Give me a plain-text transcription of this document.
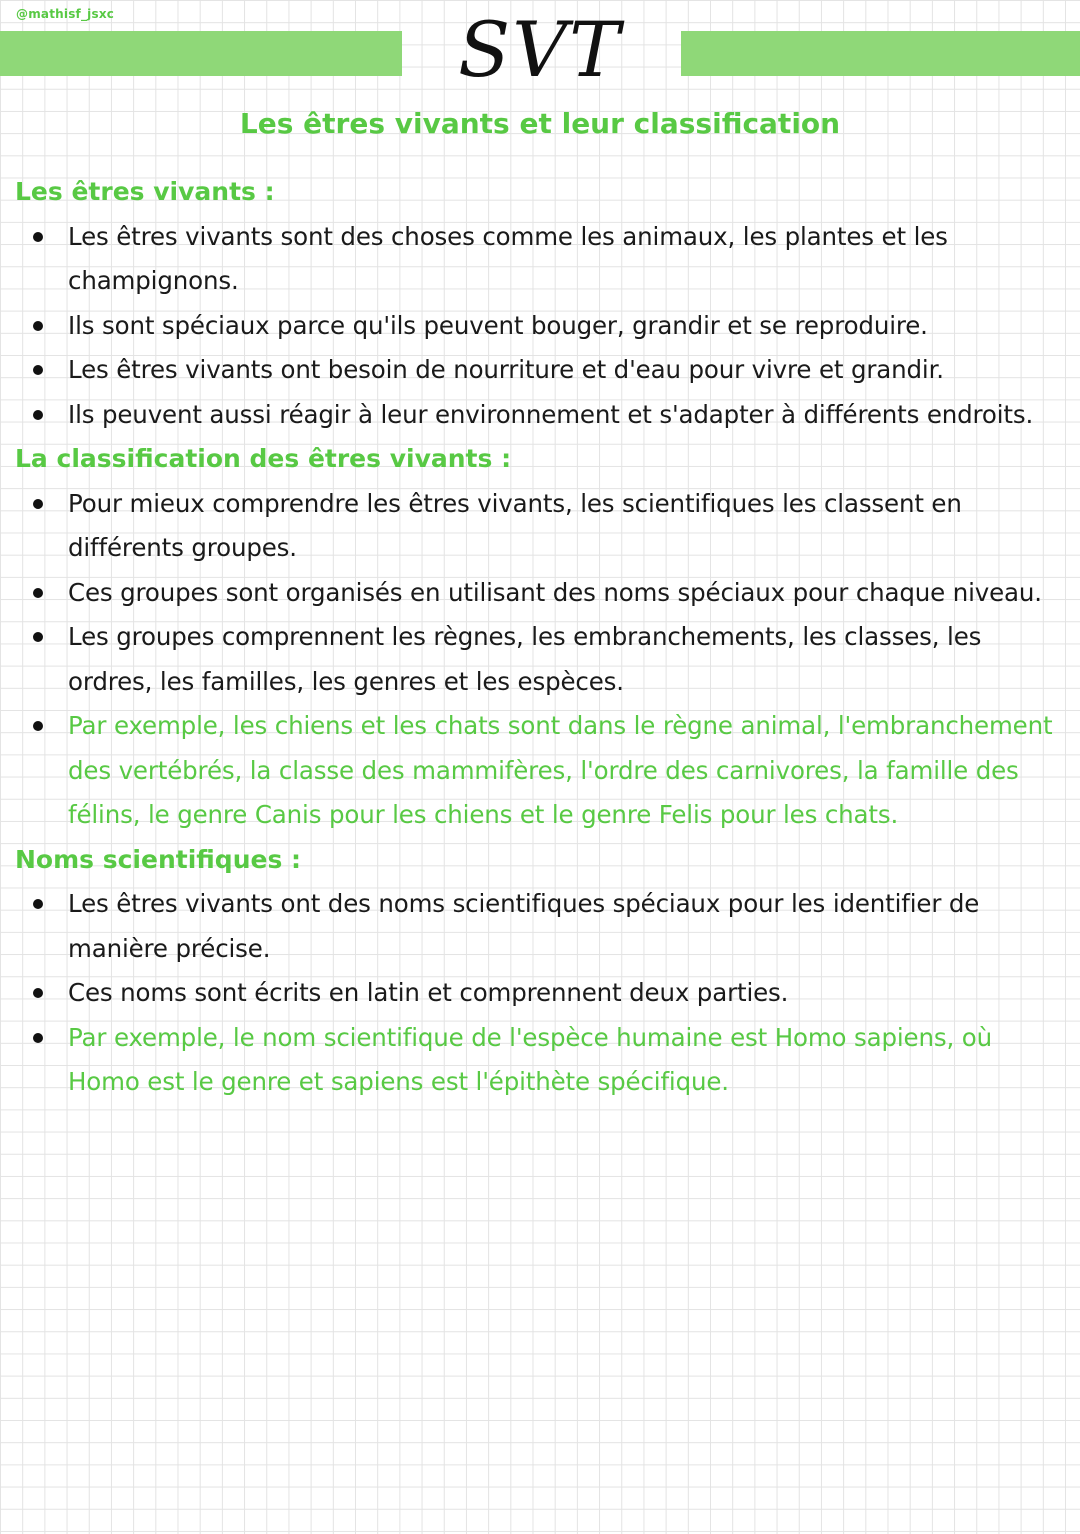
@mathisf_jsxc	SVT
Les êtres vivants et leur classification
Les êtres vivants :
Les êtres vivants sont des choses comme les animaux, les plantes et les champignons.
Ils sont spéciaux parce qu'ils peuvent bouger, grandir et se reproduire.
Les êtres vivants ont besoin de nourriture et d'eau pour vivre et grandir.
Ils peuvent aussi réagir à leur environnement et s'adapter à différents endroits.
La classification des êtres vivants :
Pour mieux comprendre les êtres vivants, les scientifiques les classent en différents groupes.
Ces groupes sont organisés en utilisant des noms spéciaux pour chaque niveau.
Les groupes comprennent les règnes, les embranchements, les classes, les ordres, les familles, les genres et les espèces.
Par exemple, les chiens et les chats sont dans le règne animal, l'embranchement des vertébrés, la classe des mammifères, l'ordre des carnivores, la famille des félins, le genre Canis pour les chiens et le genre Felis pour les chats.
Noms scientifiques :
Les êtres vivants ont des noms scientifiques spéciaux pour les identifier de manière précise.
Ces noms sont écrits en latin et comprennent deux parties.
Par exemple, le nom scientifique de l'espèce humaine est Homo sapiens, où Homo est le genre et sapiens est l'épithète spécifique.
